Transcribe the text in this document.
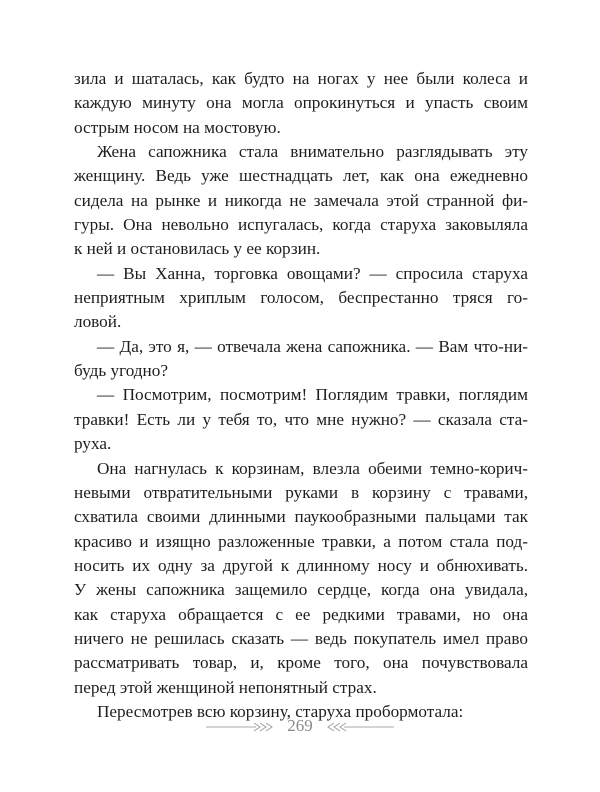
зила и шаталась, как будто на ногах у нее были колеса и
каждую минуту она могла опрокинуться и упасть своим
острым носом на мостовую.
Жена сапожника стала внимательно разглядывать эту
женщину. Ведь уже шестнадцать лет, как она ежедневно
сидела на рынке и никогда не замечала этой странной фи-
гуры. Она невольно испугалась, когда старуха заковыляла
к ней и остановилась у ее корзин.
— Вы Ханна, торговка овощами? — спросила старуха
неприятным хриплым голосом, беспрестанно тряся го-
ловой.
— Да, это я, — отвечала жена сапожника. — Вам что-ни-
будь угодно?
— Посмотрим, посмотрим! Поглядим травки, поглядим
травки! Есть ли у тебя то, что мне нужно? — сказала ста-
руха.
Она нагнулась к корзинам, влезла обеими темно-корич-
невыми отвратительными руками в корзину с травами,
схватила своими длинными паукообразными пальцами так
красиво и изящно разложенные травки, а потом стала под-
носить их одну за другой к длинному носу и обнюхивать.
У жены сапожника защемило сердце, когда она увидала,
как старуха обращается с ее редкими травами, но она
ничего не решилась сказать — ведь покупатель имел право
рассматривать товар, и, кроме того, она почувствовала
перед этой женщиной непонятный страх.
Пересмотрев всю корзину, старуха пробормотала:
269
